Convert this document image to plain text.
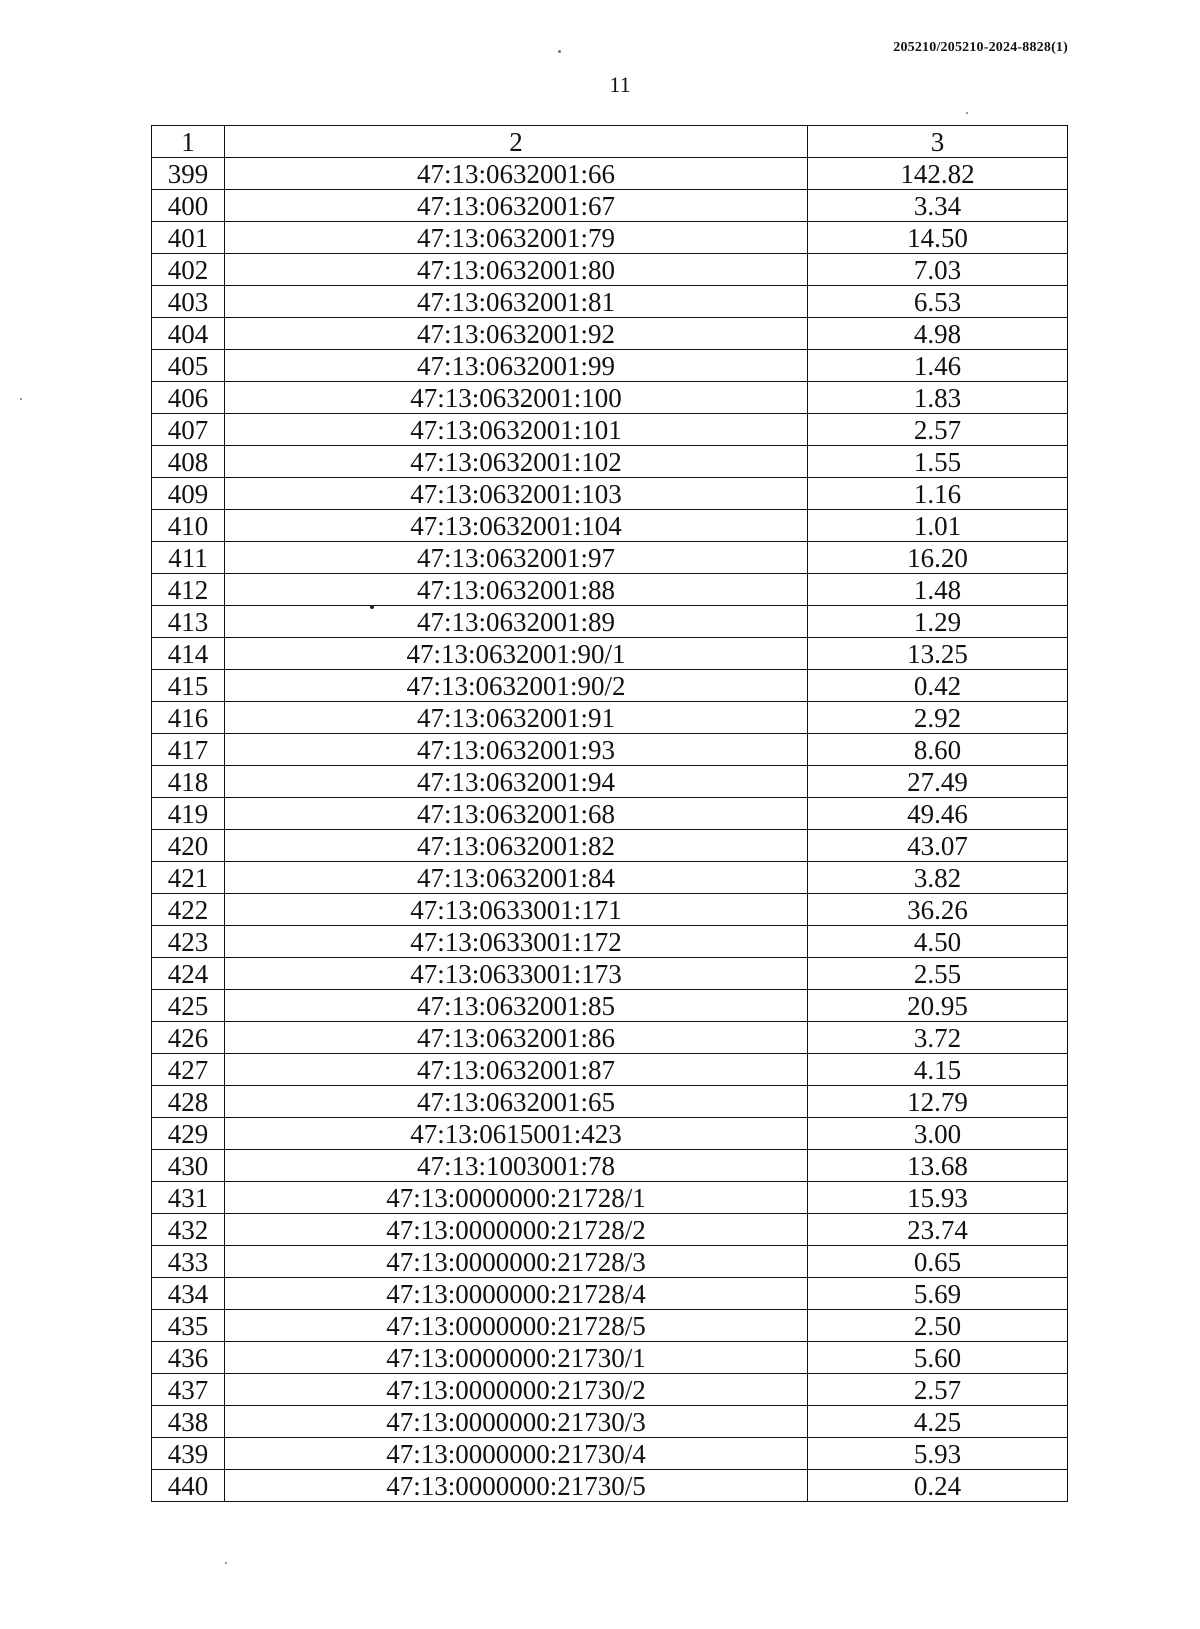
205210/205210-2024-8828(1)
11
1	2	3
399	47:13:0632001:66	142.82
400	47:13:0632001:67	3.34
401	47:13:0632001:79	14.50
402	47:13:0632001:80	7.03
403	47:13:0632001:81	6.53
404	47:13:0632001:92	4.98
405	47:13:0632001:99	1.46
406	47:13:0632001:100	1.83
407	47:13:0632001:101	2.57
408	47:13:0632001:102	1.55
409	47:13:0632001:103	1.16
410	47:13:0632001:104	1.01
411	47:13:0632001:97	16.20
412	47:13:0632001:88	1.48
413	47:13:0632001:89	1.29
414	47:13:0632001:90/1	13.25
415	47:13:0632001:90/2	0.42
416	47:13:0632001:91	2.92
417	47:13:0632001:93	8.60
418	47:13:0632001:94	27.49
419	47:13:0632001:68	49.46
420	47:13:0632001:82	43.07
421	47:13:0632001:84	3.82
422	47:13:0633001:171	36.26
423	47:13:0633001:172	4.50
424	47:13:0633001:173	2.55
425	47:13:0632001:85	20.95
426	47:13:0632001:86	3.72
427	47:13:0632001:87	4.15
428	47:13:0632001:65	12.79
429	47:13:0615001:423	3.00
430	47:13:1003001:78	13.68
431	47:13:0000000:21728/1	15.93
432	47:13:0000000:21728/2	23.74
433	47:13:0000000:21728/3	0.65
434	47:13:0000000:21728/4	5.69
435	47:13:0000000:21728/5	2.50
436	47:13:0000000:21730/1	5.60
437	47:13:0000000:21730/2	2.57
438	47:13:0000000:21730/3	4.25
439	47:13:0000000:21730/4	5.93
440	47:13:0000000:21730/5	0.24
